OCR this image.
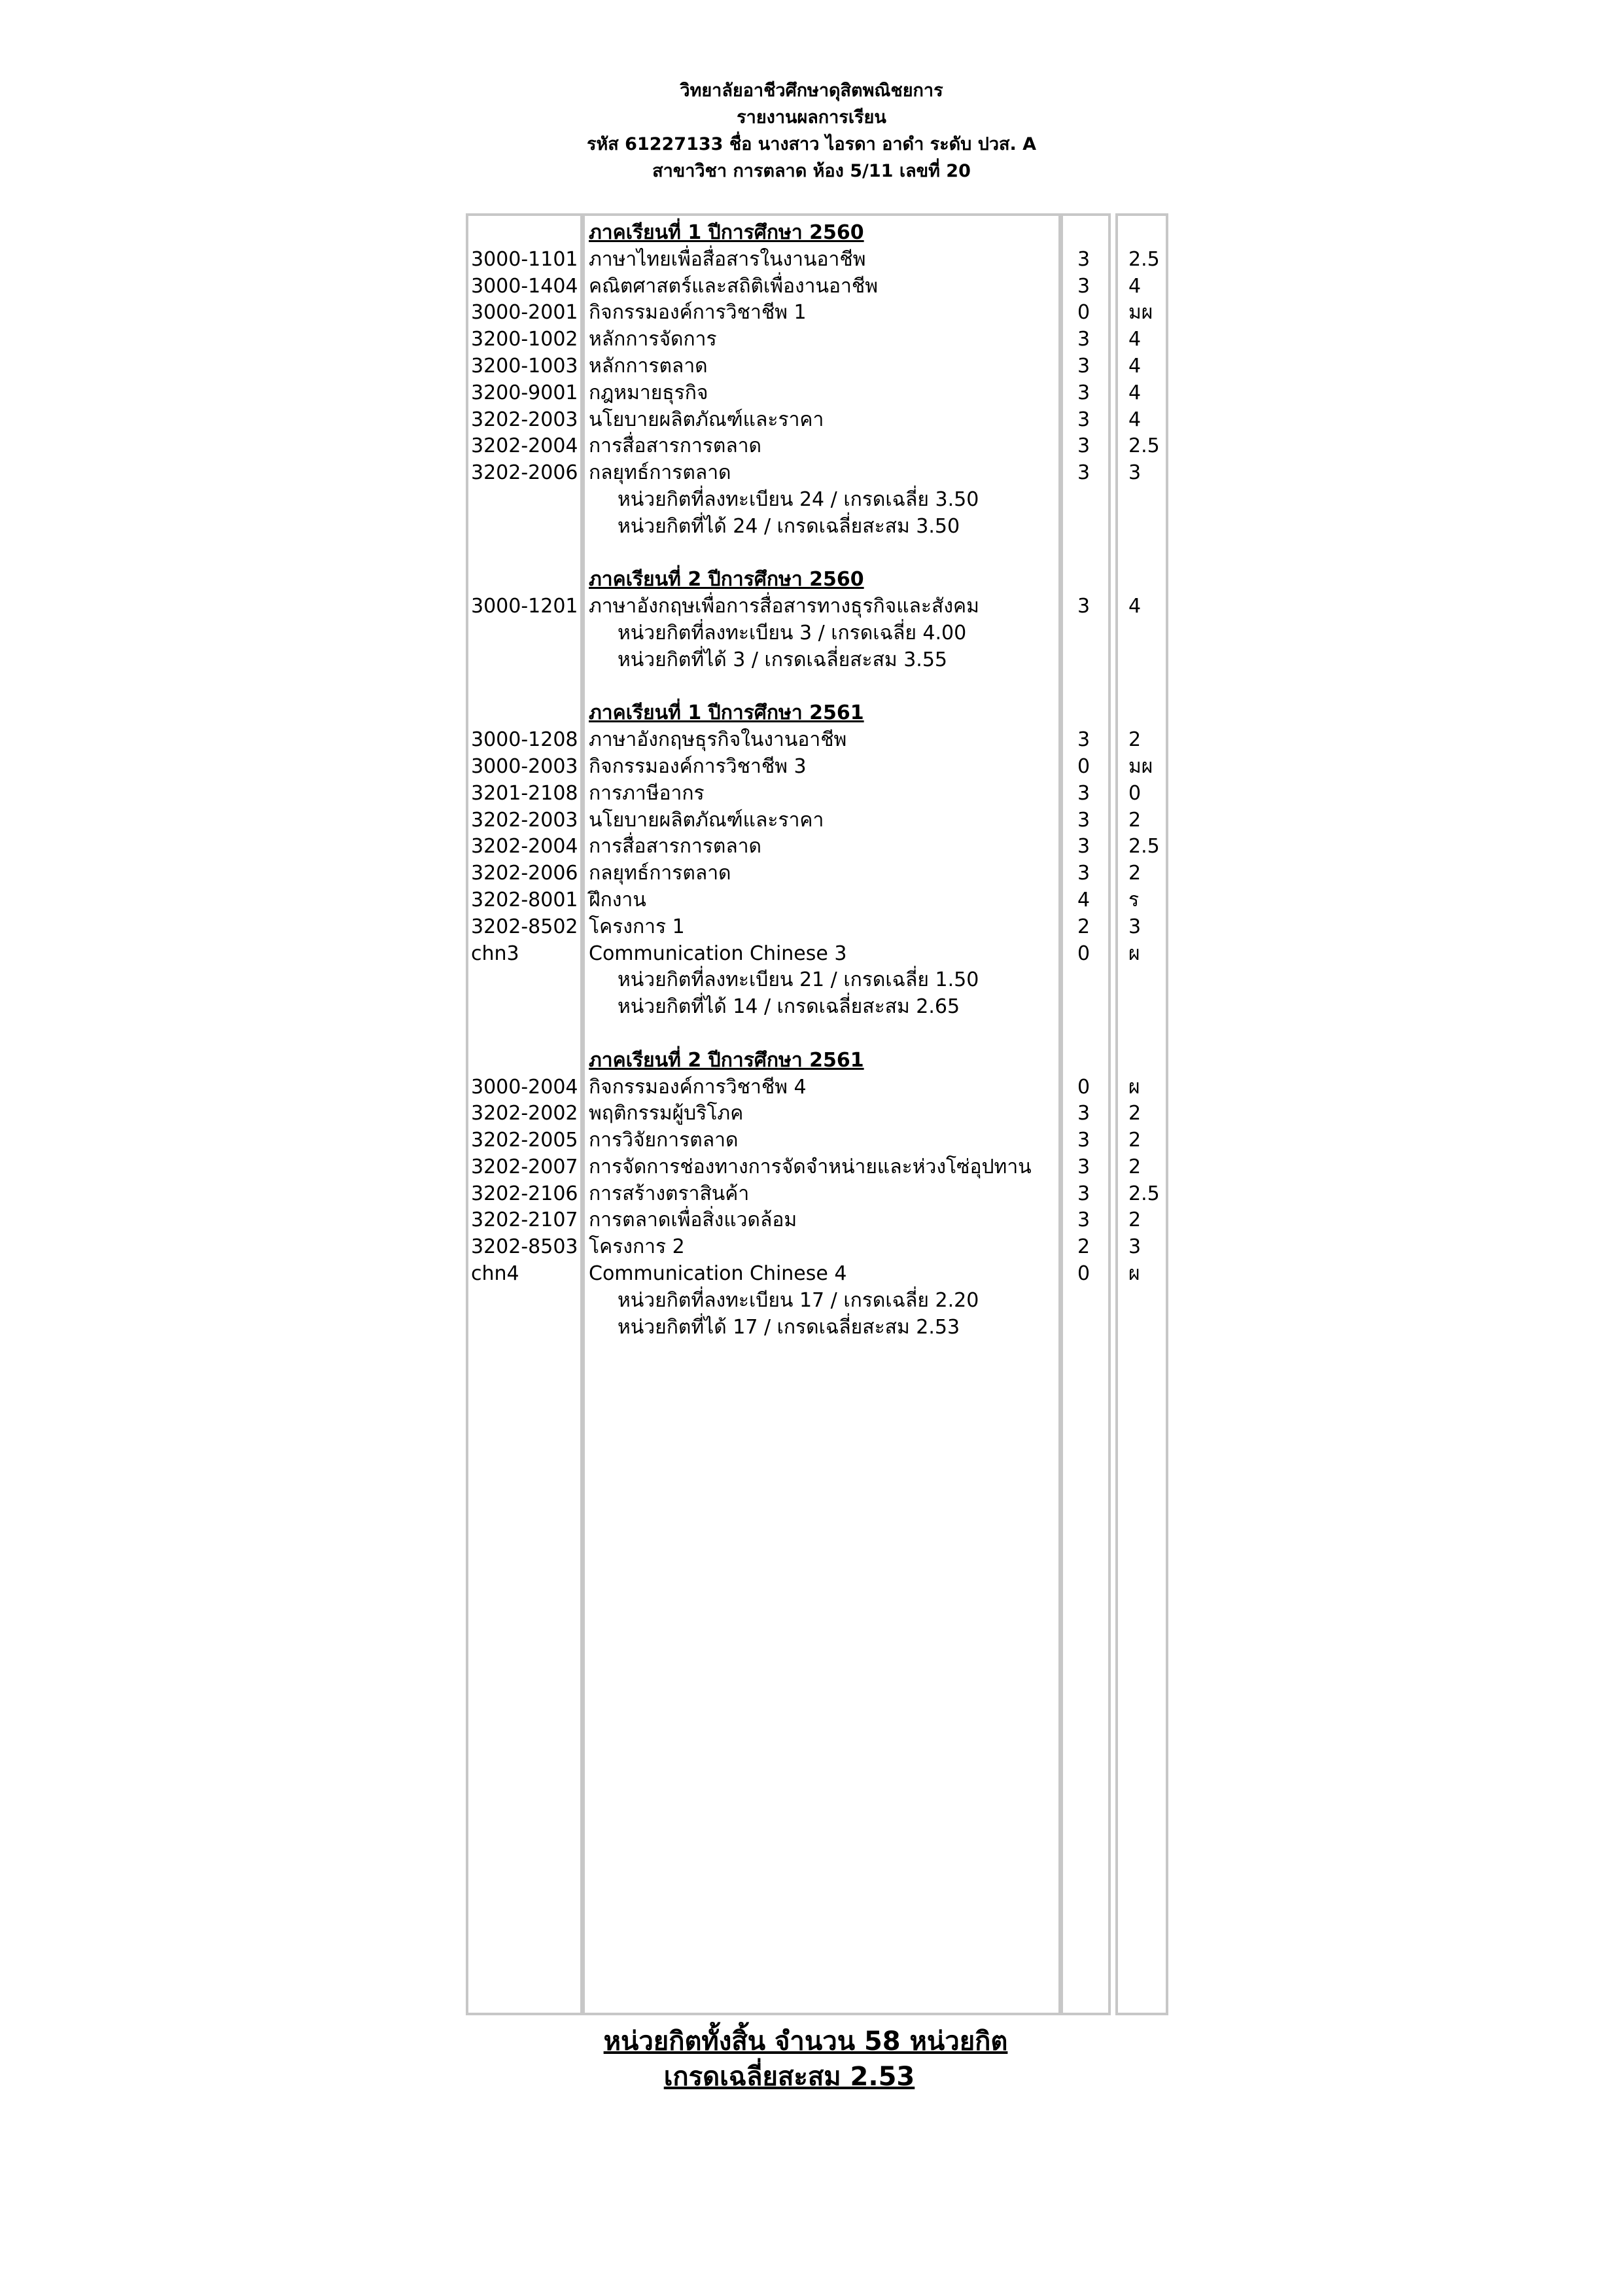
วิทยาลัยอาชีวศึกษาดุสิตพณิชยการ
รายงานผลการเรียน
รหัส 61227133 ชื่อ นางสาว ไอรดา อาดำ ระดับ ปวส. A
สาขาวิชา การตลาด ห้อง 5/11 เลขที่ 20
ภาคเรียนที่ 1 ปีการศึกษา 2560
3000-1101 ภาษาไทยเพื่อสื่อสารในงานอาชีพ	3 2.5
3000-1404 คณิตศาสตร์และสถิติเพื่องานอาชีพ	3 4
3000-2001 กิจกรรมองค์การวิชาชีพ 1	0 มผ
3200-1002 หลักการจัดการ	3 4
3200-1003 หลักการตลาด	3 4
3200-9001 กฎหมายธุรกิจ	3 4
3202-2003 นโยบายผลิตภัณฑ์และราคา	3 4
3202-2004 การสื่อสารการตลาด	3 2.5
3202-2006 กลยุทธ์การตลาด	3 3
หน่วยกิตที่ลงทะเบียน 24 / เกรดเฉลี่ย 3.50
หน่วยกิตที่ได้ 24 / เกรดเฉลี่ยสะสม 3.50
ภาคเรียนที่ 2 ปีการศึกษา 2560
3000-1201 ภาษาอังกฤษเพื่อการสื่อสารทางธุรกิจและสังคม	3 4
หน่วยกิตที่ลงทะเบียน 3 / เกรดเฉลี่ย 4.00
หน่วยกิตที่ได้ 3 / เกรดเฉลี่ยสะสม 3.55
ภาคเรียนที่ 1 ปีการศึกษา 2561
3000-1208 ภาษาอังกฤษธุรกิจในงานอาชีพ	3 2
3000-2003 กิจกรรมองค์การวิชาชีพ 3	0 มผ
3201-2108 การภาษีอากร	3 0
3202-2003 นโยบายผลิตภัณฑ์และราคา	3 2
3202-2004 การสื่อสารการตลาด	3 2.5
3202-2006 กลยุทธ์การตลาด	3 2
3202-8001 ฝึกงาน	4 ร
3202-8502 โครงการ 1	2 3
chn3	Communication Chinese 3	0 ผ
หน่วยกิตที่ลงทะเบียน 21 / เกรดเฉลี่ย 1.50
หน่วยกิตที่ได้ 14 / เกรดเฉลี่ยสะสม 2.65
ภาคเรียนที่ 2 ปีการศึกษา 2561
3000-2004 กิจกรรมองค์การวิชาชีพ 4	0 ผ
3202-2002 พฤติกรรมผู้บริโภค	3 2
3202-2005 การวิจัยการตลาด	3 2
3202-2007 การจัดการช่องทางการจัดจำหน่ายและห่วงโซ่อุปทาน 3 2
3202-2106 การสร้างตราสินค้า	3 2.5
3202-2107 การตลาดเพื่อสิ่งแวดล้อม	3 2
3202-8503 โครงการ 2	2 3
chn4	Communication Chinese 4	0 ผ
หน่วยกิตที่ลงทะเบียน 17 / เกรดเฉลี่ย 2.20
หน่วยกิตที่ได้ 17 / เกรดเฉลี่ยสะสม 2.53
หน่วยกิตทั้งสิ้น จำนวน 58 หน่วยกิต
เกรดเฉลี่ยสะสม 2.53
